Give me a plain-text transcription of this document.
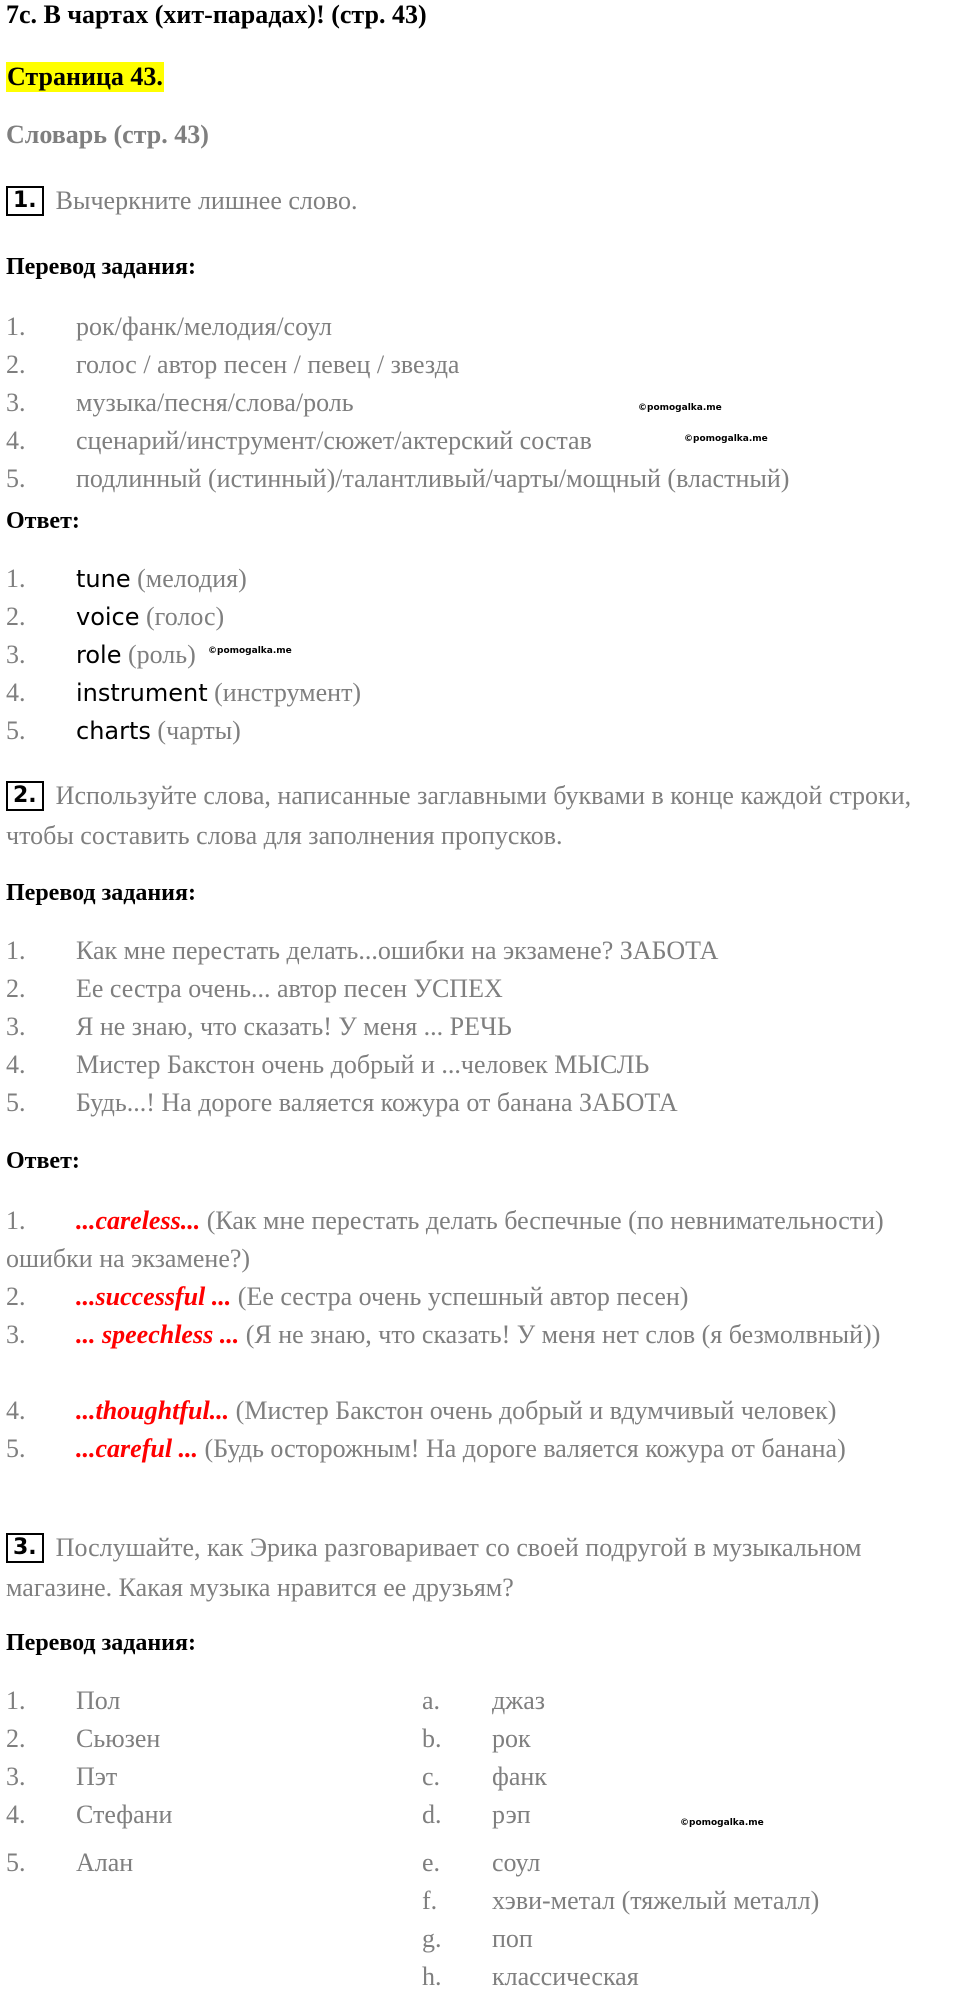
7с. В чартах (хит-парадах)! (стр. 43)
Страница 43.
Словарь (стр. 43)
1. Вычеркните лишнее слово.
Перевод задания:
1. рок/фанк/мелодия/соул
2. голос / автор песен / певец / звезда
3. музыка/песня/слова/роль
4. сценарий/инструмент/сюжет/актерский состав
5. подлинный (истинный)/талантливый/чарты/мощный (властный)
©pomogalka.me
©pomogalka.me
Ответ:
1. tune (мелодия)
2. voice (голос)
3. role (роль)
4. instrument (инструмент)
5. charts (чарты)
©pomogalka.me
2. Используйте слова, написанные заглавными буквами в конце каждой строки, чтобы составить слова для заполнения пропусков.
Перевод задания:
1. Как мне перестать делать...ошибки на экзамене? ЗАБОТА
2. Ее сестра очень... автор песен УСПЕХ
3. Я не знаю, что сказать! У меня ... РЕЧЬ
4. Мистер Бакстон очень добрый и ...человек МЫСЛЬ
5. Будь...! На дороге валяется кожура от банана ЗАБОТА
Ответ:
1. ...careless... (Как мне перестать делать беспечные (по невнимательности) ошибки на экзамене?)
2. ...successful ... (Ее сестра очень успешный автор песен)
3. ... speechless ... (Я не знаю, что сказать! У меня нет слов (я безмолвный))
4. ...thoughtful... (Мистер Бакстон очень добрый и вдумчивый человек)
5. ...careful ... (Будь осторожным! На дороге валяется кожура от банана)
3. Послушайте, как Эрика разговаривает со своей подругой в музыкальном магазине. Какая музыка нравится ее друзьям?
Перевод задания:
1. Пол
2. Сьюзен
3. Пэт
4. Стефани
5. Алан
a. джаз
b. рок
c. фанк
d. рэп
e. соул
f. хэви-метал (тяжелый металл)
g. поп
h. классическая
©pomogalka.me
